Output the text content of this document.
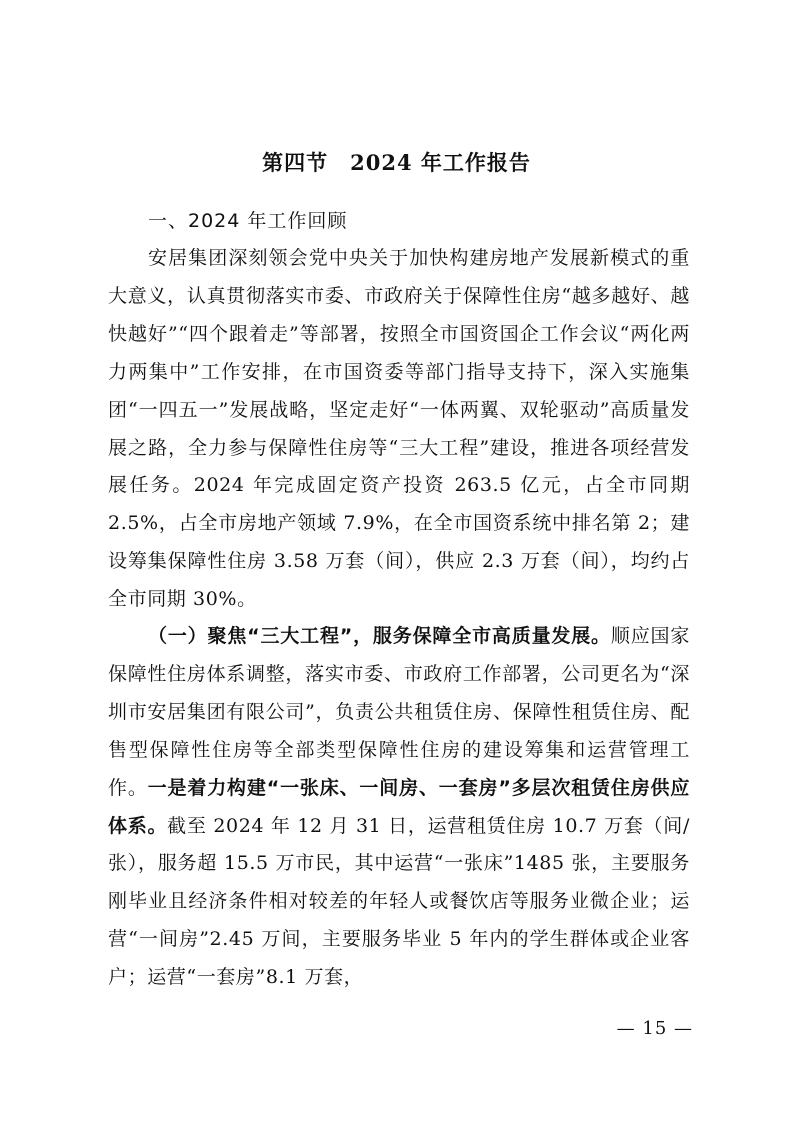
第四节　2024 年工作报告
一、2024 年工作回顾

安居集团深刻领会党中央关于加快构建房地产发展新模式的重大意义，认真贯彻落实市委、市政府关于保障性住房“越多越好、越快越好”“四个跟着走”等部署，按照全市国资国企工作会议“两化两力两集中”工作安排，在市国资委等部门指导支持下，深入实施集团“一四五一”发展战略，坚定走好“一体两翼、双轮驱动”高质量发展之路，全力参与保障性住房等“三大工程”建设，推进各项经营发展任务。2024 年完成固定资产投资 263.5 亿元，占全市同期 2.5%，占全市房地产领域 7.9%，在全市国资系统中排名第 2；建设筹集保障性住房 3.58 万套（间），供应 2.3 万套（间），均约占全市同期 30%。

（一）聚焦“三大工程”，服务保障全市高质量发展。顺应国家保障性住房体系调整，落实市委、市政府工作部署，公司更名为“深圳市安居集团有限公司”，负责公共租赁住房、保障性租赁住房、配售型保障性住房等全部类型保障性住房的建设筹集和运营管理工作。一是着力构建“一张床、一间房、一套房”多层次租赁住房供应体系。截至 2024 年 12 月 31 日，运营租赁住房 10.7 万套（间/张），服务超 15.5 万市民，其中运营“一张床”1485 张，主要服务刚毕业且经济条件相对较差的年轻人或餐饮店等服务业微企业；运营“一间房”2.45 万间，主要服务毕业 5 年内的学生群体或企业客户；运营“一套房”8.1 万套，

— 15 —
